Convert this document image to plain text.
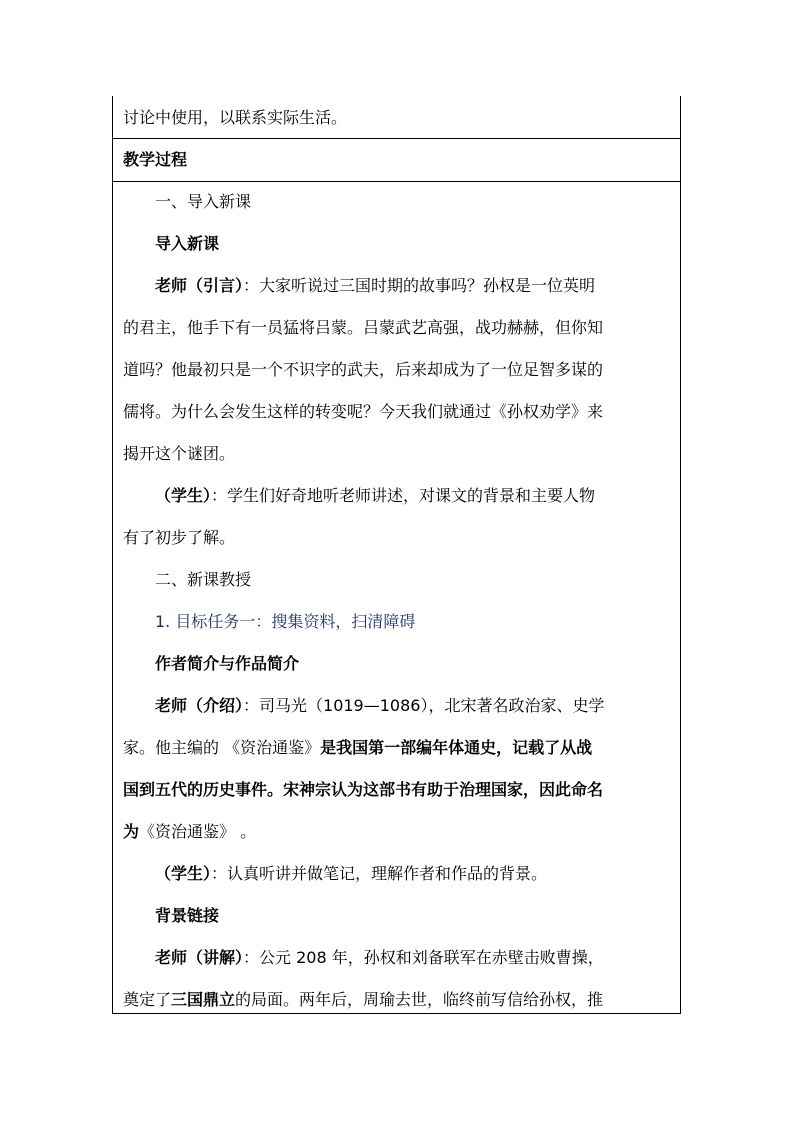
讨论中使用，以联系实际生活。
教学过程
一、导入新课
导入新课
老师（引言）：大家听说过三国时期的故事吗？孙权是一位英明
的君主，他手下有一员猛将吕蒙。吕蒙武艺高强，战功赫赫，但你知
道吗？他最初只是一个不识字的武夫，后来却成为了一位足智多谋的
儒将。为什么会发生这样的转变呢？今天我们就通过《孙权劝学》来
揭开这个谜团。
（学生）：学生们好奇地听老师讲述，对课文的背景和主要人物
有了初步了解。
二、新课教授
1. 目标任务一：搜集资料，扫清障碍
作者简介与作品简介
老师（介绍）：司马光（1019—1086），北宋著名政治家、史学
家。他主编的 《资治通鉴》是我国第一部编年体通史，记载了从战
国到五代的历史事件。宋神宗认为这部书有助于治理国家，因此命名
为《资治通鉴》 。
（学生）：认真听讲并做笔记，理解作者和作品的背景。
背景链接
老师（讲解）：公元 208 年，孙权和刘备联军在赤壁击败曹操，
奠定了三国鼎立的局面。两年后，周瑜去世，临终前写信给孙权，推
